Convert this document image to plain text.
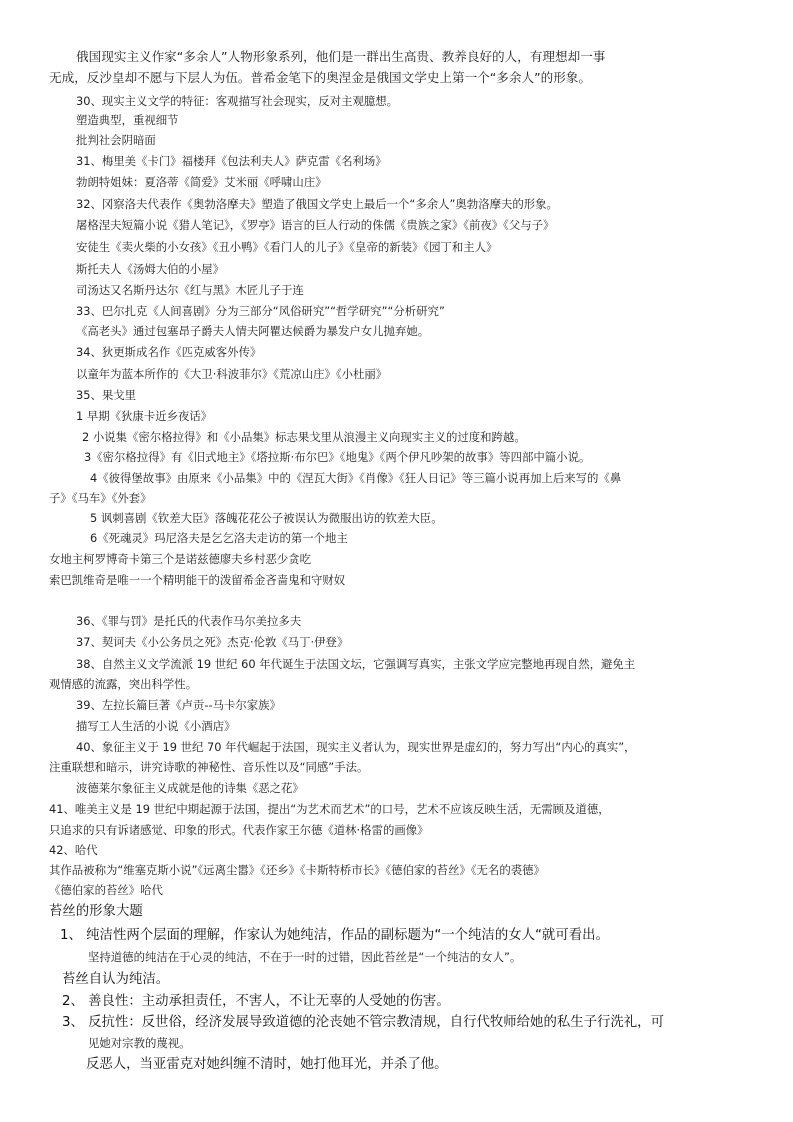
俄国现实主义作家“多余人”人物形象系列，他们是一群出生高贵、教养良好的人，有理想却一事
无成，反沙皇却不愿与下层人为伍。普希金笔下的奥涅金是俄国文学史上第一个“多余人”的形象。
30、现实主义文学的特征：客观描写社会现实，反对主观臆想。
塑造典型，重视细节
批判社会阴暗面
31、梅里美《卡门》福楼拜《包法利夫人》萨克雷《名利场》
勃朗特姐妹：夏洛蒂《简爱》艾米丽《呼啸山庄》
32、冈察洛夫代表作《奥勃洛摩夫》塑造了俄国文学史上最后一个“多余人”奥勃洛摩夫的形象。
屠格涅夫短篇小说《猎人笔记》，《罗亭》语言的巨人行动的侏儒《贵族之家》《前夜》《父与子》
安徒生《卖火柴的小女孩》《丑小鸭》《看门人的儿子》《皇帝的新装》《园丁和主人》
斯托夫人《汤姆大伯的小屋》
司汤达又名斯丹达尔《红与黑》木匠儿子于连
33、巴尔扎克《人间喜剧》分为三部分“风俗研究”“哲学研究”“分析研究”
《高老头》通过包塞昂子爵夫人情夫阿瞿达候爵为暴发户女儿抛弃她。
34、狄更斯成名作《匹克威客外传》
以童年为蓝本所作的《大卫·科波菲尔》《荒凉山庄》《小杜丽》
35、果戈里
1 早期《狄康卡近乡夜话》
2 小说集《密尔格拉得》和《小品集》标志果戈里从浪漫主义向现实主义的过度和跨越。
3《密尔格拉得》有《旧式地主》《塔拉斯·布尔巴》《地鬼》《两个伊凡吵架的故事》等四部中篇小说。
4《彼得堡故事》由原来《小品集》中的《涅瓦大街》《肖像》《狂人日记》等三篇小说再加上后来写的《鼻
子》《马车》《外套》
5 讽刺喜剧《钦差大臣》落魄花花公子被误认为微服出访的钦差大臣。
6《死魂灵》玛尼洛夫是乞乞洛夫走访的第一个地主
女地主柯罗博奇卡第三个是诺兹德廖夫乡村恶少贪吃
索巴凯维奇是唯一一个精明能干的泼留希金吝啬鬼和守财奴
36、《罪与罚》是托氏的代表作马尔美拉多夫
37、契诃夫《小公务员之死》杰克·伦敦《马丁·伊登》
38、自然主义文学流派 19 世纪 60 年代诞生于法国文坛，它强调写真实，主张文学应完整地再现自然，避免主
观情感的流露，突出科学性。
39、左拉长篇巨著《卢贡--马卡尔家族》
描写工人生活的小说《小酒店》
40、象征主义于 19 世纪 70 年代崛起于法国，现实主义者认为，现实世界是虚幻的，努力写出“内心的真实”，
注重联想和暗示，讲究诗歌的神秘性、音乐性以及“同感”手法。
波德莱尔象征主义成就是他的诗集《恶之花》
41、唯美主义是 19 世纪中期起源于法国，提出“为艺术而艺术”的口号，艺术不应该反映生活，无需顾及道德，
只追求的只有诉诸感觉、印象的形式。代表作家王尔德《道林·格雷的画像》
42、哈代
其作品被称为“维塞克斯小说”《远离尘嚣》《还乡》《卡斯特桥市长》《德伯家的苔丝》《无名的裘德》
《德伯家的苔丝》哈代
苔丝的形象大题
1、 纯洁性两个层面的理解，作家认为她纯洁，作品的副标题为“一个纯洁的女人“就可看出。
坚持道德的纯洁在于心灵的纯洁，不在于一时的过错，因此苔丝是“一个纯洁的女人”。
苔丝自认为纯洁。
2、 善良性：主动承担责任，不害人，不让无辜的人受她的伤害。
3、 反抗性：反世俗，经济发展导致道德的沦丧她不管宗教清规，自行代牧师给她的私生子行洗礼，可
见她对宗教的蔑视。
反恶人，当亚雷克对她纠缠不清时，她打他耳光，并杀了他。
